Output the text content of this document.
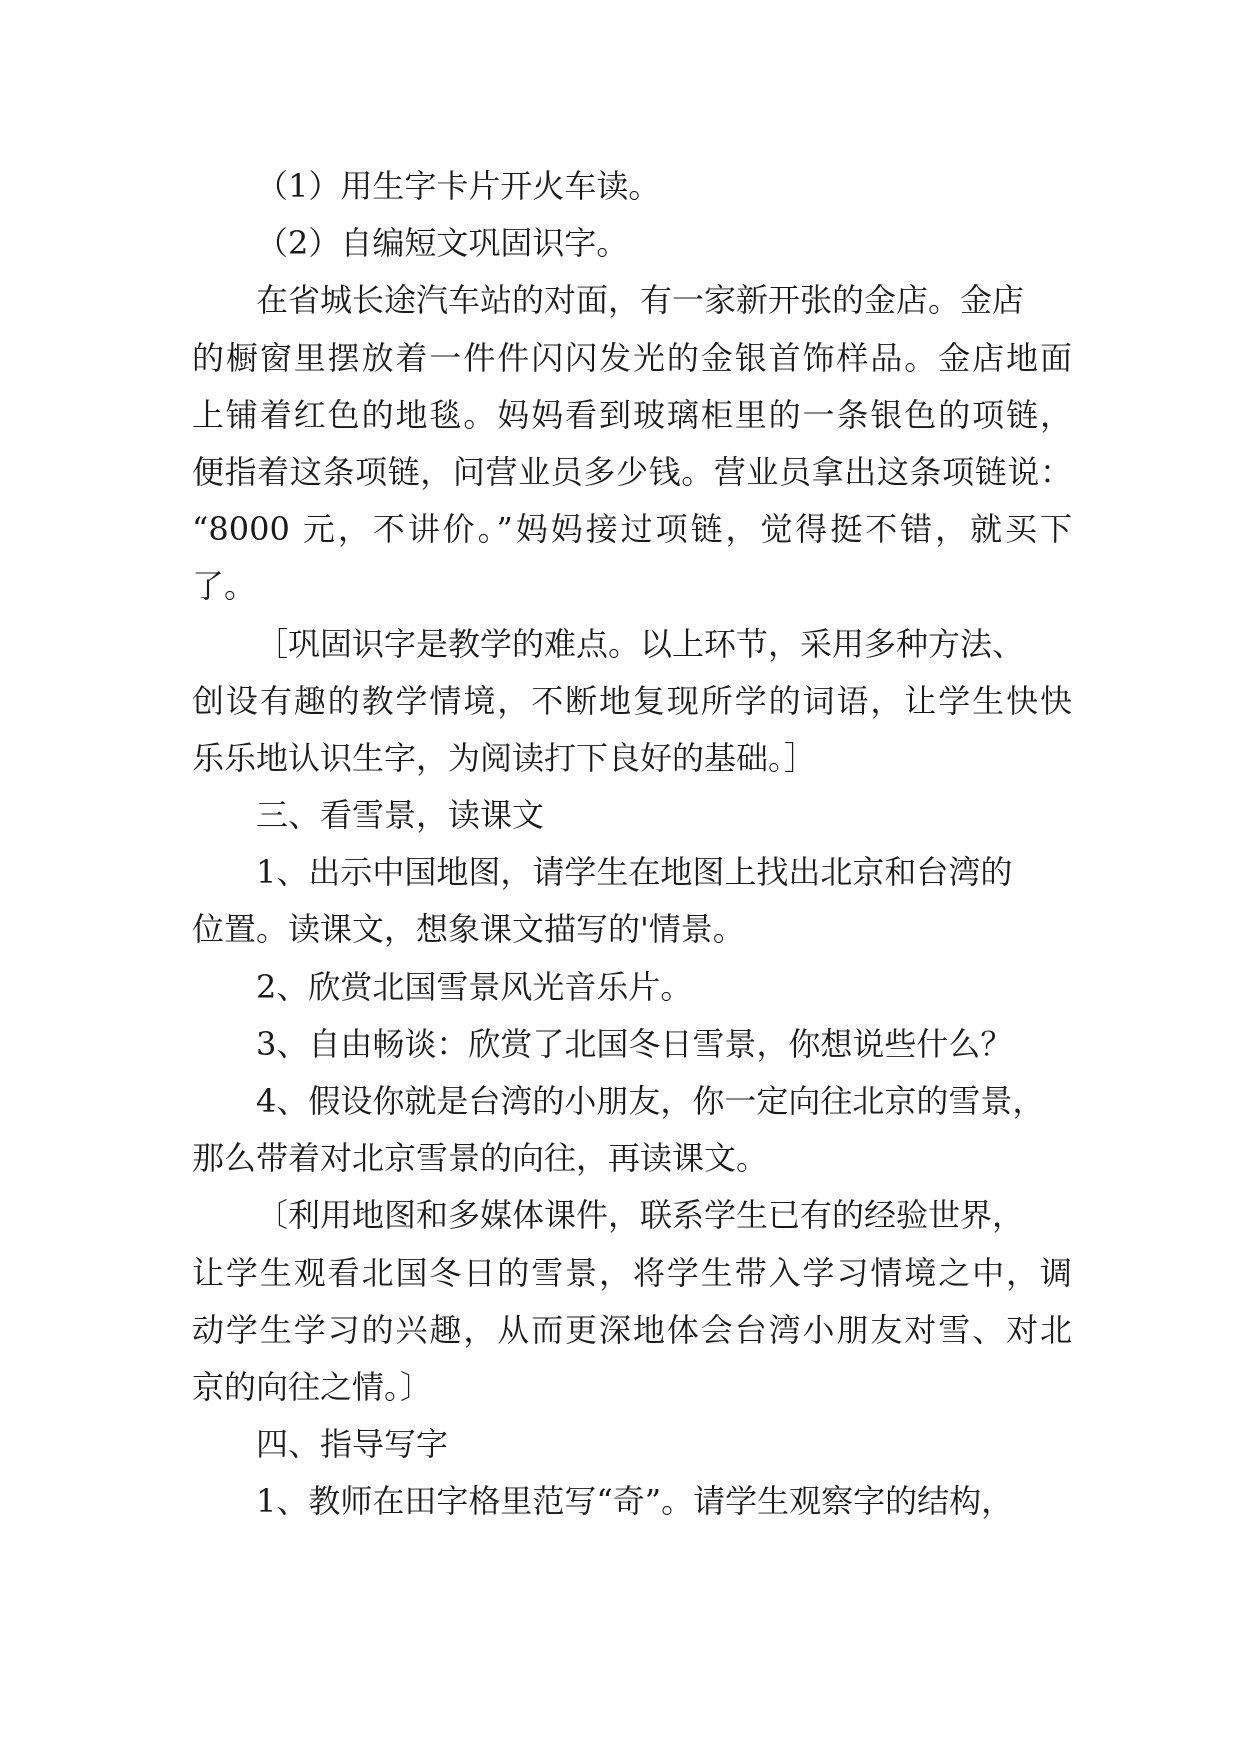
（1）用生字卡片开火车读。
（2）自编短文巩固识字。
在省城长途汽车站的对面，有一家新开张的金店。金店
的橱窗里摆放着一件件闪闪发光的金银首饰样品。金店地面
上铺着红色的地毯。妈妈看到玻璃柜里的一条银色的项链，
便指着这条项链，问营业员多少钱。营业员拿出这条项链说：
“8000 元，不讲价。”妈妈接过项链，觉得挺不错，就买下
了。
［巩固识字是教学的难点。以上环节，采用多种方法、
创设有趣的教学情境，不断地复现所学的词语，让学生快快
乐乐地认识生字，为阅读打下良好的基础。］
三、看雪景，读课文
1、出示中国地图，请学生在地图上找出北京和台湾的
位置。读课文，想象课文描写的'情景。
2、欣赏北国雪景风光音乐片。
3、自由畅谈：欣赏了北国冬日雪景，你想说些什么？
4、假设你就是台湾的小朋友，你一定向往北京的雪景，
那么带着对北京雪景的向往，再读课文。
〔利用地图和多媒体课件，联系学生已有的经验世界，
让学生观看北国冬日的雪景，将学生带入学习情境之中，调
动学生学习的兴趣，从而更深地体会台湾小朋友对雪、对北
京的向往之情。〕
四、指导写字
1、教师在田字格里范写“奇”。请学生观察字的结构，
